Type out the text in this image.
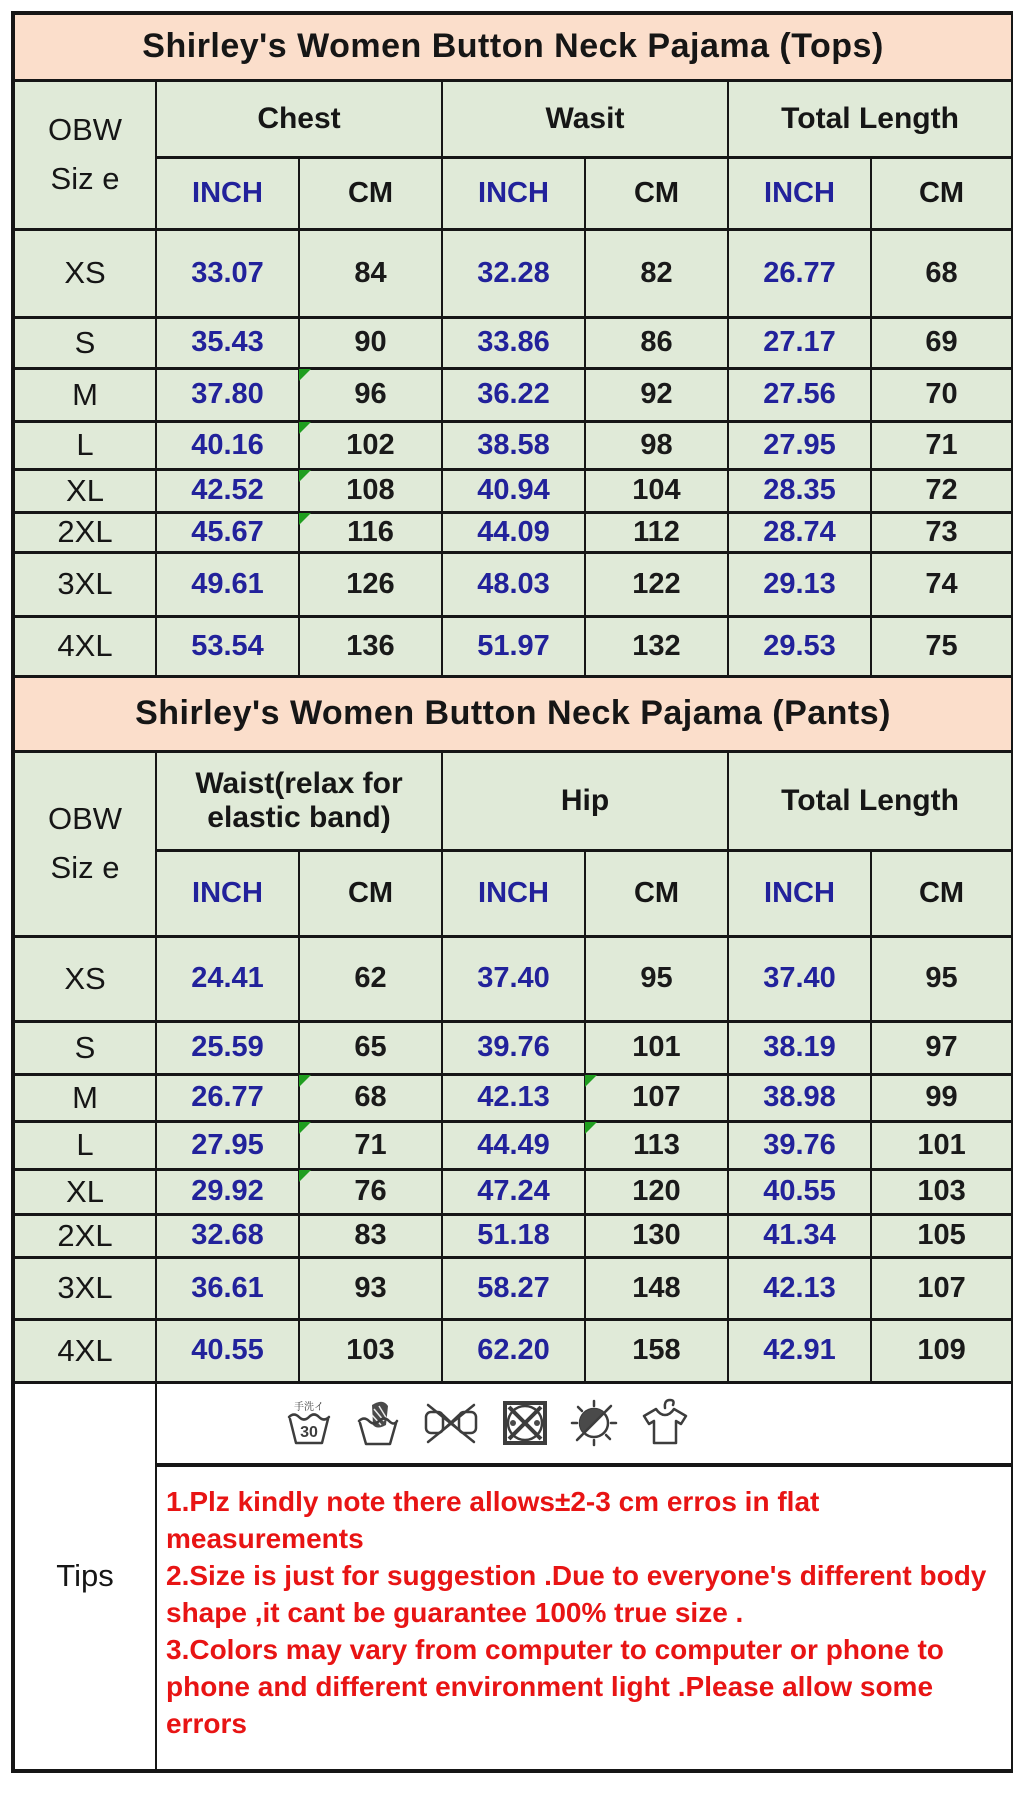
Shirley's Women Button Neck Pajama (Tops)						

OBW
Siz e	Chest		Wasit		Total Length	
	INCH	CM	INCH	CM	INCH	CM
XS	33.07	84	32.28	82	26.77	68
S	35.43	90	33.86	86	27.17	69
M	37.80	96	36.22	92	27.56	70
L	40.16	102	38.58	98	27.95	71
XL	42.52	108	40.94	104	28.35	72
2XL	45.67	116	44.09	112	28.74	73
3XL	49.61	126	48.03	122	29.13	74
4XL	53.54	136	51.97	132	29.53	75
Shirley's Women Button Neck Pajama (Pants)						

OBW
Siz e	Waist(relax for elastic band)		Hip		Total Length	
	INCH	CM	INCH	CM	INCH	CM
XS	24.41	62	37.40	95	37.40	95
S	25.59	65	39.76	101	38.19	97
M	26.77	68	42.13	107	38.98	99
L	27.95	71	44.49	113	39.76	101
XL	29.92	76	47.24	120	40.55	103
2XL	32.68	83	51.18	130	41.34	105
3XL	36.61	93	58.27	148	42.13	107
4XL	40.55	103	62.20	158	42.91	109
Tips	手洗イ
30					

	1.Plz kindly note there allows±2-3 cm erros in flat measurements

2.Size is just for suggestion .Due to everyone's different body shape ,it cant be guarantee 100% true size .

3.Colors may vary from computer to computer or phone to phone and different environment light .Please allow some errors					
